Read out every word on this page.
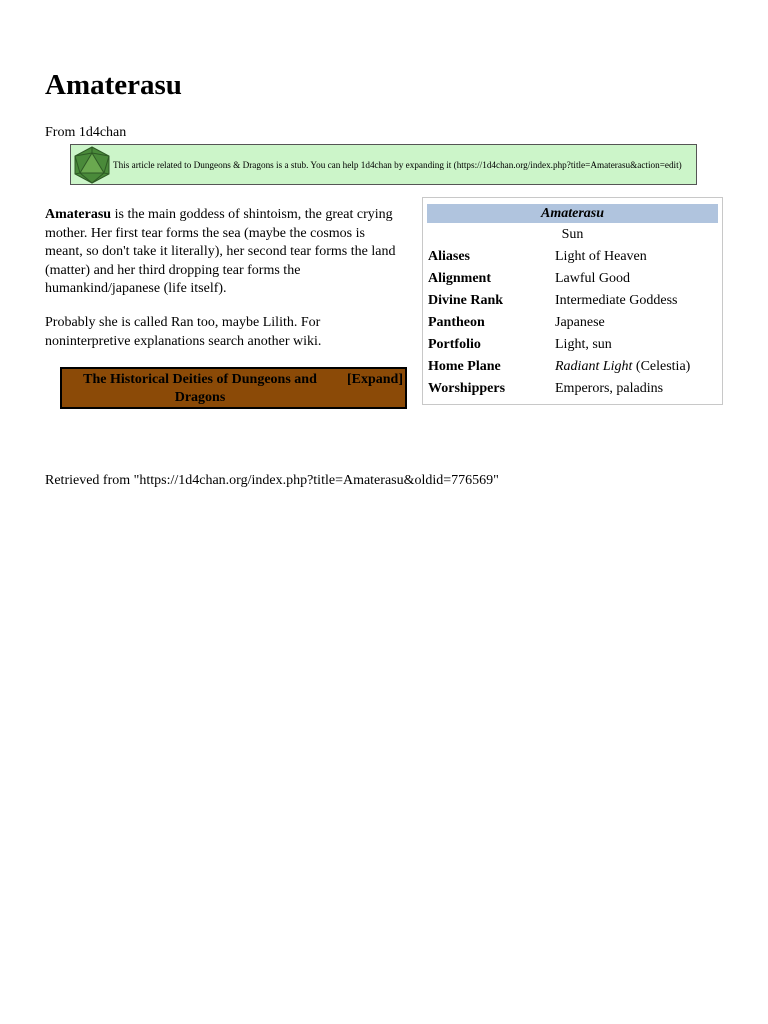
Amaterasu
From 1d4chan
This article related to Dungeons & Dragons is a stub. You can help 1d4chan by expanding it (https://1d4chan.org/index.php?title=Amaterasu&action=edit)

Amaterasu is the main goddess of shintoism, the great crying mother. Her first tear forms the sea (maybe the cosmos is meant, so don't take it literally), her second tear forms the land (matter) and her third dropping tear forms the humankind/japanese (life itself).

Probably she is called Ran too, maybe Lilith. For noninterpretive explanations search another wiki.

The Historical Deities of Dungeons and Dragons
[Expand]
Amaterasu
Sun
Aliases	Light of Heaven
Alignment	Lawful Good
Divine Rank	Intermediate Goddess
Pantheon	Japanese
Portfolio	Light, sun
Home Plane	Radiant Light (Celestia)
Worshippers	Emperors, paladins
Retrieved from "https://1d4chan.org/index.php?title=Amaterasu&oldid=776569"
